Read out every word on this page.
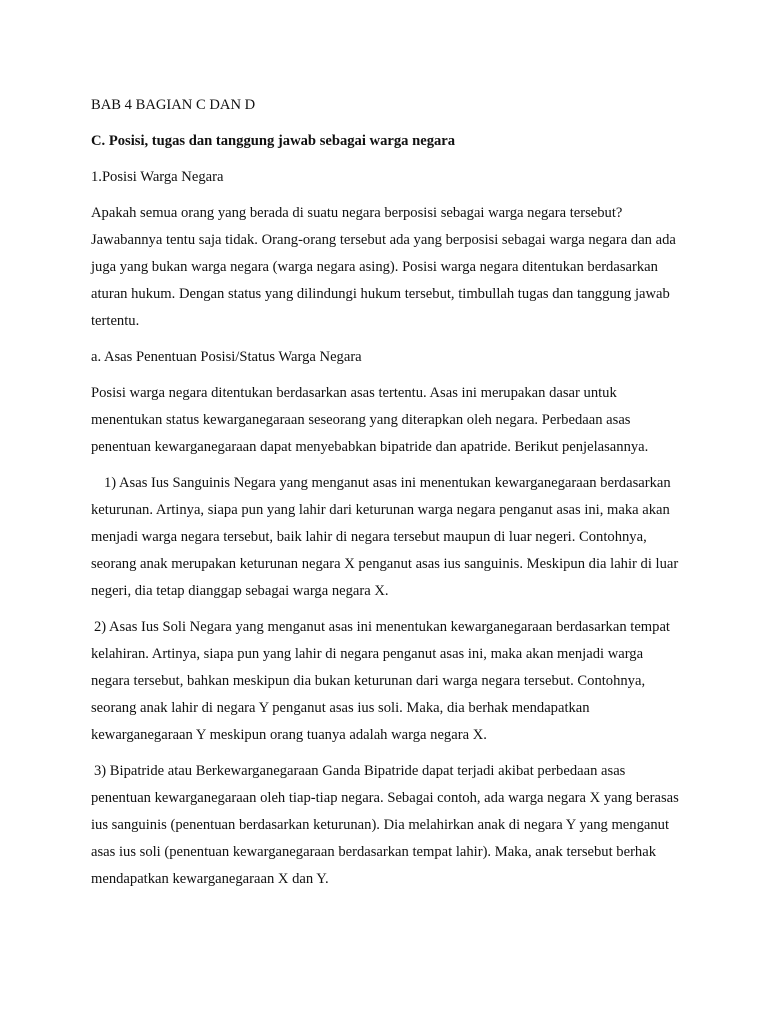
BAB 4 BAGIAN C DAN D

C. Posisi, tugas dan tanggung jawab sebagai warga negara

1.Posisi Warga Negara

Apakah semua orang yang berada di suatu negara berposisi sebagai warga negara tersebut? Jawabannya tentu saja tidak. Orang-orang tersebut ada yang berposisi sebagai warga negara dan ada juga yang bukan warga negara (warga negara asing). Posisi warga negara ditentukan berdasarkan aturan hukum. Dengan status yang dilindungi hukum tersebut, timbullah tugas dan tanggung jawab tertentu.

a. Asas Penentuan Posisi/Status Warga Negara

Posisi warga negara ditentukan berdasarkan asas tertentu. Asas ini merupakan dasar untuk menentukan status kewarganegaraan seseorang yang diterapkan oleh negara. Perbedaan asas penentuan kewarganegaraan dapat menyebabkan bipatride dan apatride. Berikut penjelasannya.

1) Asas Ius Sanguinis Negara yang menganut asas ini menentukan kewarganegaraan berdasarkan keturunan. Artinya, siapa pun yang lahir dari keturunan warga negara penganut asas ini, maka akan menjadi warga negara tersebut, baik lahir di negara tersebut maupun di luar negeri. Contohnya, seorang anak merupakan keturunan negara X penganut asas ius sanguinis. Meskipun dia lahir di luar negeri, dia tetap dianggap sebagai warga negara X.

2) Asas Ius Soli Negara yang menganut asas ini menentukan kewarganegaraan berdasarkan tempat kelahiran. Artinya, siapa pun yang lahir di negara penganut asas ini, maka akan menjadi warga negara tersebut, bahkan meskipun dia bukan keturunan dari warga negara tersebut. Contohnya, seorang anak lahir di negara Y penganut asas ius soli. Maka, dia berhak mendapatkan kewarganegaraan Y meskipun orang tuanya adalah warga negara X.

3) Bipatride atau Berkewarganegaraan Ganda Bipatride dapat terjadi akibat perbedaan asas penentuan kewarganegaraan oleh tiap-tiap negara. Sebagai contoh, ada warga negara X yang berasas ius sanguinis (penentuan berdasarkan keturunan). Dia melahirkan anak di negara Y yang menganut asas ius soli (penentuan kewarganegaraan berdasarkan tempat lahir). Maka, anak tersebut berhak mendapatkan kewarganegaraan X dan Y.
